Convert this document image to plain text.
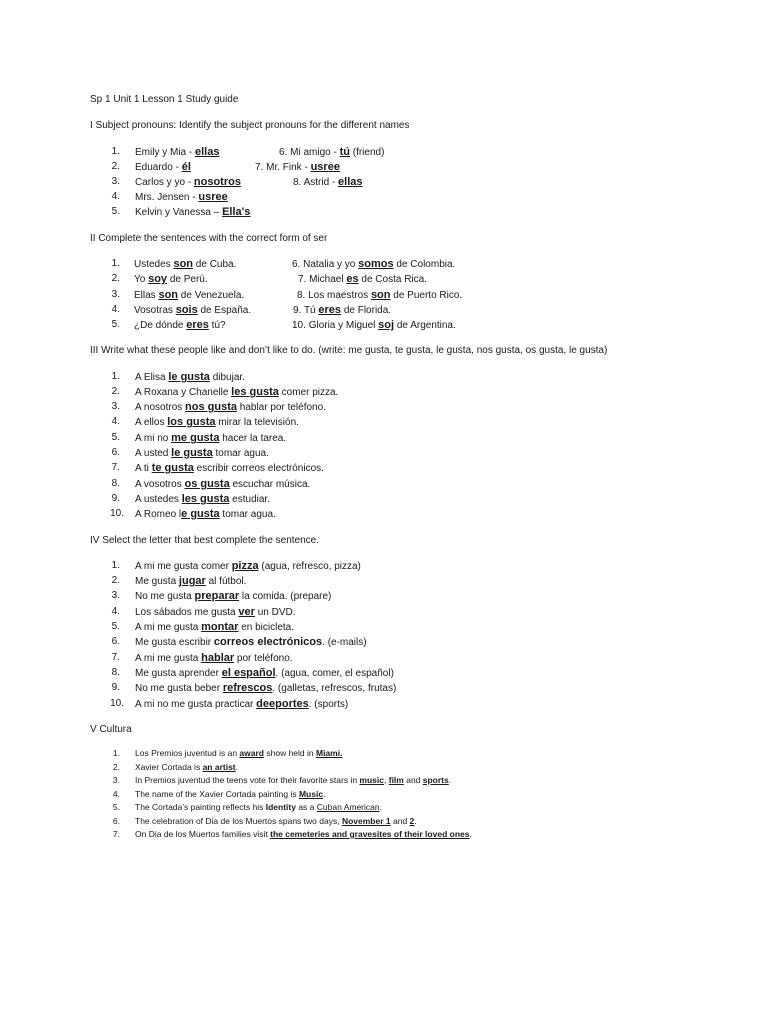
Sp 1 Unit 1 Lesson 1 Study guide
I Subject pronouns: Identify the subject pronouns for the different names
1. Emily y Mia - ellas	6. Mi amigo - tú (friend)
2. Eduardo - él	7. Mr. Fink - usree
3. Carlos y yo - nosotros	8. Astrid - ellas
4. Mrs. Jensen - usree
5. Kelvin y Vanessa – Ella's
II Complete the sentences with the correct form of ser
1. Ustedes son de Cuba.	6. Natalia y yo somos de Colombia.
2. Yo soy de Perú.	7. Michael es de Costa Rica.
3. Ellas son de Venezuela.	8. Los maestros son de Puerto Rico.
4. Vosotras sois de España.	9. Tú eres de Florida.
5. ¿De dónde eres tú?	10. Gloria y Miguel soj de Argentina.
III Write what these people like and don’t like to do. (write: me gusta, te gusta, le gusta, nos gusta, os gusta, le gusta)
1. A Elisa le gusta dibujar.
2. A Roxana y Chanelle les gusta comer pizza.
3. A nosotros nos gusta hablar por teléfono.
4. A ellos los gusta mirar la televisión.
5. A mi no me gusta hacer la tarea.
6. A usted le gusta tomar agua.
7. A ti te gusta escribir correos electrónicos.
8. A vosotros os gusta escuchar música.
9. A ustedes les gusta estudiar.
10. A Romeo le gusta tomar agua.
IV Select the letter that best complete the sentence.
1. A mi me gusta comer pizza (agua, refresco, pizza)
2. Me gusta jugar al fútbol.
3. No me gusta preparar la comida. (prepare)
4. Los sábados me gusta ver un DVD.
5. A mi me gusta montar en bicicleta.
6. Me gusta escribir correos electrónicos. (e-mails)
7. A mi me gusta hablar por teléfono.
8. Me gusta aprender el español. (agua, comer, el español)
9. No me gusta beber refrescos. (galletas, refrescos, frutas)
10. A mi no me gusta practicar deeportes. (sports)
V Cultura
1. Los Premios juventud is an award show held in Miami.
2. Xavier Cortada is an artist.
3. In Premios juventud the teens vote for their favorite stars in music, film and sports.
4. The name of the Xavier Cortada painting is Music.
5. The Cortada’s painting reflects his Identity as a Cuban American.
6. The celebration of Dia de los Muertos spans two days, November 1 and 2.
7. On Dia de los Muertos families visit the cemeteries and gravesites of their loved ones.
